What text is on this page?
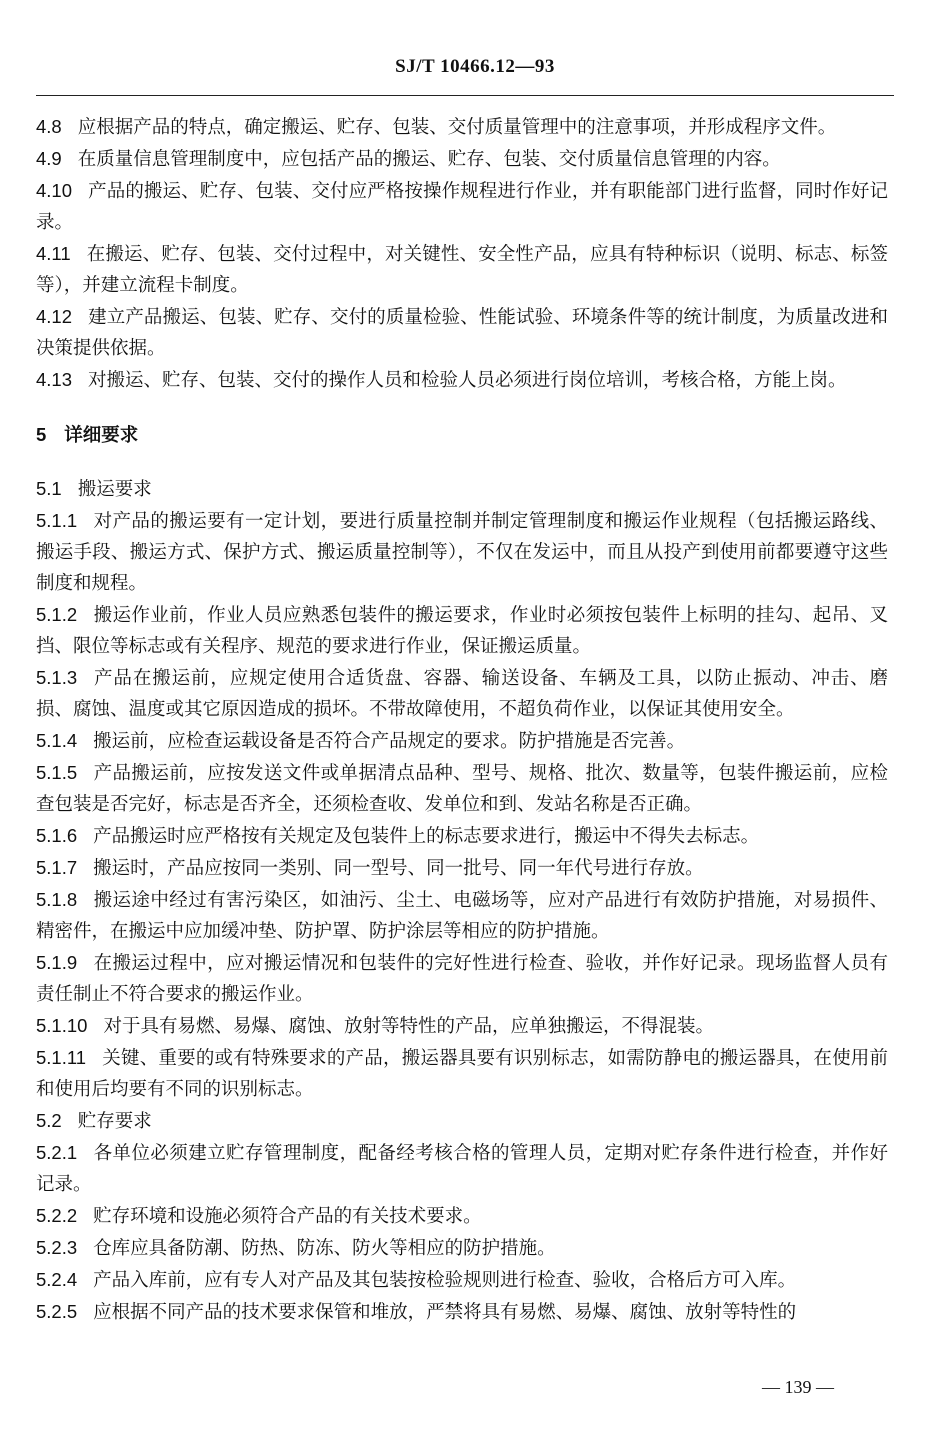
SJ/T 10466.12—93

4.8 应根据产品的特点，确定搬运、贮存、包装、交付质量管理中的注意事项，并形成程序文件。

4.9 在质量信息管理制度中，应包括产品的搬运、贮存、包装、交付质量信息管理的内容。

4.10 产品的搬运、贮存、包装、交付应严格按操作规程进行作业，并有职能部门进行监督，同时作好记录。

4.11 在搬运、贮存、包装、交付过程中，对关键性、安全性产品，应具有特种标识（说明、标志、标签等），并建立流程卡制度。

4.12 建立产品搬运、包装、贮存、交付的质量检验、性能试验、环境条件等的统计制度，为质量改进和决策提供依据。

4.13 对搬运、贮存、包装、交付的操作人员和检验人员必须进行岗位培训，考核合格，方能上岗。

5 详细要求

5.1 搬运要求

5.1.1 对产品的搬运要有一定计划，要进行质量控制并制定管理制度和搬运作业规程（包括搬运路线、搬运手段、搬运方式、保护方式、搬运质量控制等），不仅在发运中，而且从投产到使用前都要遵守这些制度和规程。

5.1.2 搬运作业前，作业人员应熟悉包装件的搬运要求，作业时必须按包装件上标明的挂勾、起吊、叉挡、限位等标志或有关程序、规范的要求进行作业，保证搬运质量。

5.1.3 产品在搬运前，应规定使用合适货盘、容器、输送设备、车辆及工具，以防止振动、冲击、磨损、腐蚀、温度或其它原因造成的损坏。不带故障使用，不超负荷作业，以保证其使用安全。

5.1.4 搬运前，应检查运载设备是否符合产品规定的要求。防护措施是否完善。

5.1.5 产品搬运前，应按发送文件或单据清点品种、型号、规格、批次、数量等，包装件搬运前，应检查包装是否完好，标志是否齐全，还须检查收、发单位和到、发站名称是否正确。

5.1.6 产品搬运时应严格按有关规定及包装件上的标志要求进行，搬运中不得失去标志。

5.1.7 搬运时，产品应按同一类别、同一型号、同一批号、同一年代号进行存放。

5.1.8 搬运途中经过有害污染区，如油污、尘土、电磁场等，应对产品进行有效防护措施，对易损件、精密件，在搬运中应加缓冲垫、防护罩、防护涂层等相应的防护措施。

5.1.9 在搬运过程中，应对搬运情况和包装件的完好性进行检查、验收，并作好记录。现场监督人员有责任制止不符合要求的搬运作业。

5.1.10 对于具有易燃、易爆、腐蚀、放射等特性的产品，应单独搬运，不得混装。

5.1.11 关键、重要的或有特殊要求的产品，搬运器具要有识别标志，如需防静电的搬运器具，在使用前和使用后均要有不同的识别标志。

5.2 贮存要求

5.2.1 各单位必须建立贮存管理制度，配备经考核合格的管理人员，定期对贮存条件进行检查，并作好记录。

5.2.2 贮存环境和设施必须符合产品的有关技术要求。

5.2.3 仓库应具备防潮、防热、防冻、防火等相应的防护措施。

5.2.4 产品入库前，应有专人对产品及其包装按检验规则进行检查、验收，合格后方可入库。

5.2.5 应根据不同产品的技术要求保管和堆放，严禁将具有易燃、易爆、腐蚀、放射等特性的

— 139 —
